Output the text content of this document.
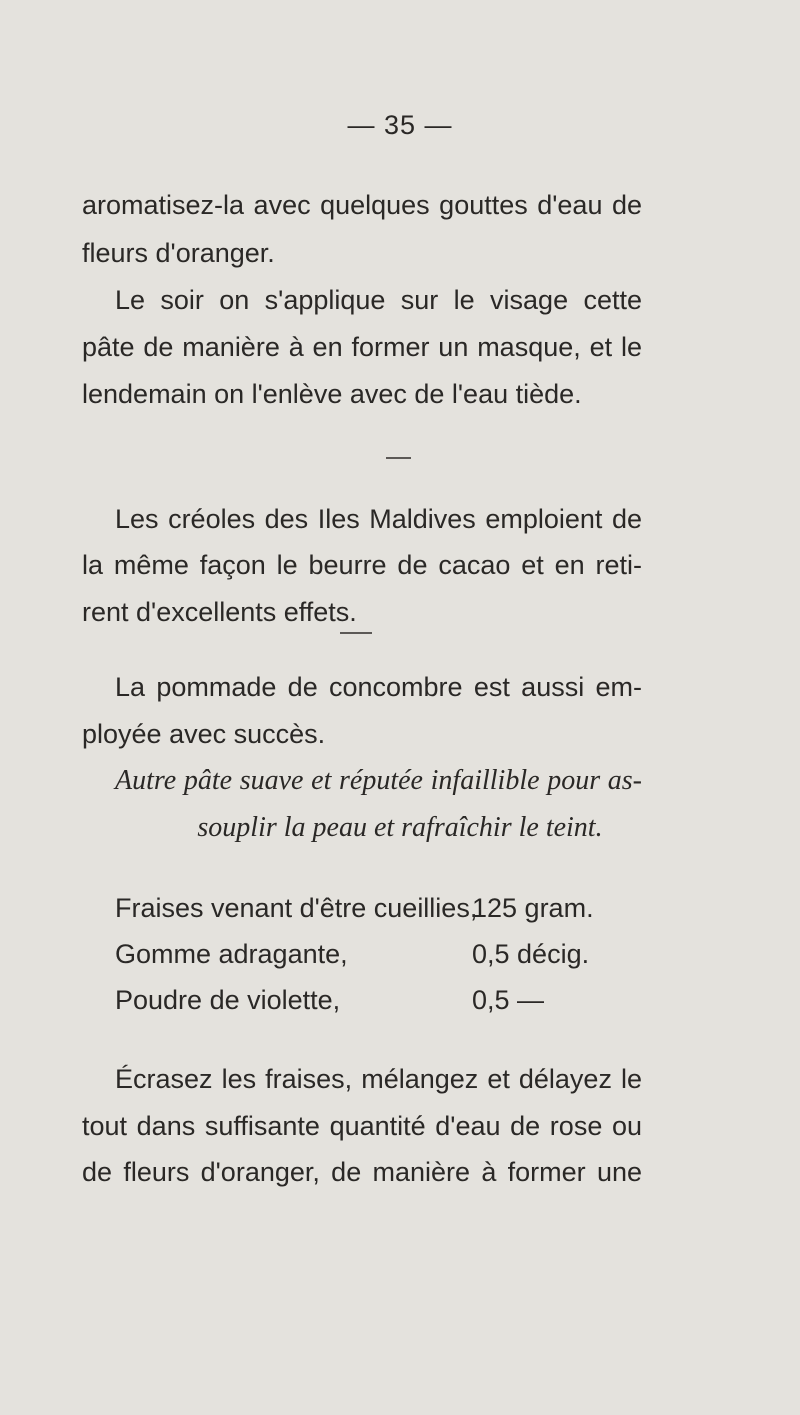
— 35 —
aromatisez-la avec quelques gouttes d'eau de
fleurs d'oranger.
Le soir on s'applique sur le visage cette
pâte de manière à en former un masque, et le
lendemain on l'enlève avec de l'eau tiède.
Les créoles des Iles Maldives emploient de
la même façon le beurre de cacao et en reti-
rent d'excellents effets.
La pommade de concombre est aussi em-
ployée avec succès.
Autre pâte suave et réputée infaillible pour as-
souplir la peau et rafraîchir le teint.
Fraises venant d'être cueillies,
125 gram.
Gomme adragante,	0,5 décig.
Poudre de violette,	0,5 —
Écrasez les fraises, mélangez et délayez le
tout dans suffisante quantité d'eau de rose ou
de fleurs d'oranger, de manière à former une
